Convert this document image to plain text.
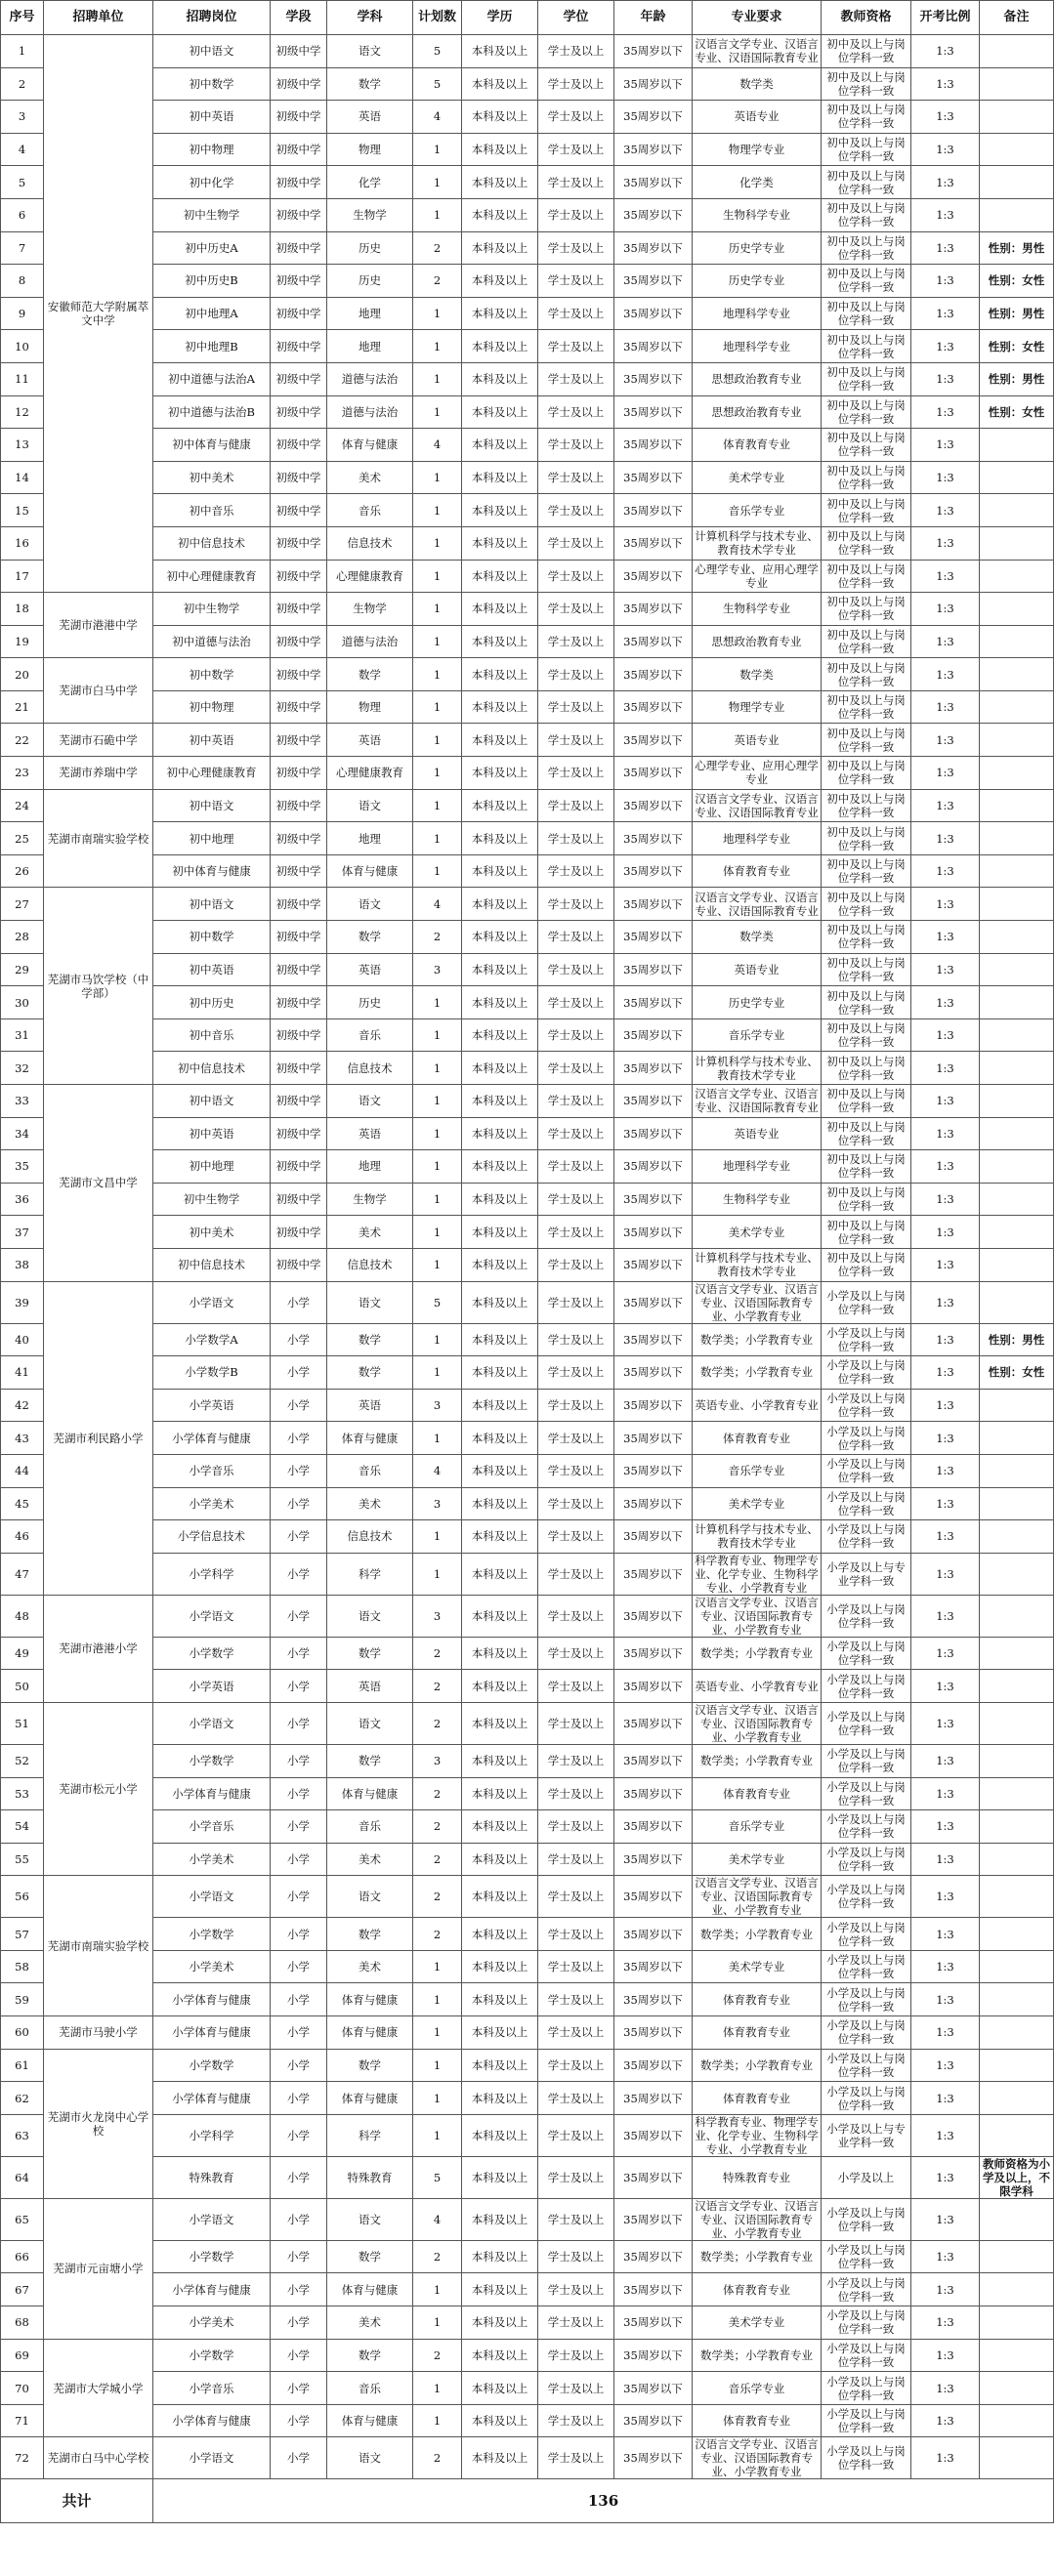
序号	招聘单位	招聘岗位	学段	学科	计划数	学历	学位	年龄	专业要求	教师资格	开考比例	备注
1	安徽师范大学附属萃文中学	初中语文	初级中学	语文	5	本科及以上	学士及以上	35周岁以下	汉语言文学专业、汉语言专业、汉语国际教育专业	初中及以上与岗位学科一致	1:3	
2		初中数学	初级中学	数学	5	本科及以上	学士及以上	35周岁以下	数学类	初中及以上与岗位学科一致	1:3	
3		初中英语	初级中学	英语	4	本科及以上	学士及以上	35周岁以下	英语专业	初中及以上与岗位学科一致	1:3	
4		初中物理	初级中学	物理	1	本科及以上	学士及以上	35周岁以下	物理学专业	初中及以上与岗位学科一致	1:3	
5		初中化学	初级中学	化学	1	本科及以上	学士及以上	35周岁以下	化学类	初中及以上与岗位学科一致	1:3	
6		初中生物学	初级中学	生物学	1	本科及以上	学士及以上	35周岁以下	生物科学专业	初中及以上与岗位学科一致	1:3	
7		初中历史A	初级中学	历史	2	本科及以上	学士及以上	35周岁以下	历史学专业	初中及以上与岗位学科一致	1:3	性别：男性
8		初中历史B	初级中学	历史	2	本科及以上	学士及以上	35周岁以下	历史学专业	初中及以上与岗位学科一致	1:3	性别：女性
9		初中地理A	初级中学	地理	1	本科及以上	学士及以上	35周岁以下	地理科学专业	初中及以上与岗位学科一致	1:3	性别：男性
10		初中地理B	初级中学	地理	1	本科及以上	学士及以上	35周岁以下	地理科学专业	初中及以上与岗位学科一致	1:3	性别：女性
11		初中道德与法治A	初级中学	道德与法治	1	本科及以上	学士及以上	35周岁以下	思想政治教育专业	初中及以上与岗位学科一致	1:3	性别：男性
12		初中道德与法治B	初级中学	道德与法治	1	本科及以上	学士及以上	35周岁以下	思想政治教育专业	初中及以上与岗位学科一致	1:3	性别：女性
13		初中体育与健康	初级中学	体育与健康	4	本科及以上	学士及以上	35周岁以下	体育教育专业	初中及以上与岗位学科一致	1:3	
14		初中美术	初级中学	美术	1	本科及以上	学士及以上	35周岁以下	美术学专业	初中及以上与岗位学科一致	1:3	
15		初中音乐	初级中学	音乐	1	本科及以上	学士及以上	35周岁以下	音乐学专业	初中及以上与岗位学科一致	1:3	
16		初中信息技术	初级中学	信息技术	1	本科及以上	学士及以上	35周岁以下	计算机科学与技术专业、教育技术学专业	初中及以上与岗位学科一致	1:3	
17		初中心理健康教育	初级中学	心理健康教育	1	本科及以上	学士及以上	35周岁以下	心理学专业、应用心理学专业	初中及以上与岗位学科一致	1:3	
18	芜湖市港港中学	初中生物学	初级中学	生物学	1	本科及以上	学士及以上	35周岁以下	生物科学专业	初中及以上与岗位学科一致	1:3	
19		初中道德与法治	初级中学	道德与法治	1	本科及以上	学士及以上	35周岁以下	思想政治教育专业	初中及以上与岗位学科一致	1:3	
20	芜湖市白马中学	初中数学	初级中学	数学	1	本科及以上	学士及以上	35周岁以下	数学类	初中及以上与岗位学科一致	1:3	
21		初中物理	初级中学	物理	1	本科及以上	学士及以上	35周岁以下	物理学专业	初中及以上与岗位学科一致	1:3	
22	芜湖市石硊中学	初中英语	初级中学	英语	1	本科及以上	学士及以上	35周岁以下	英语专业	初中及以上与岗位学科一致	1:3	
23	芜湖市养瑞中学	初中心理健康教育	初级中学	心理健康教育	1	本科及以上	学士及以上	35周岁以下	心理学专业、应用心理学专业	初中及以上与岗位学科一致	1:3	
24	芜湖市南瑞实验学校	初中语文	初级中学	语文	1	本科及以上	学士及以上	35周岁以下	汉语言文学专业、汉语言专业、汉语国际教育专业	初中及以上与岗位学科一致	1:3	
25		初中地理	初级中学	地理	1	本科及以上	学士及以上	35周岁以下	地理科学专业	初中及以上与岗位学科一致	1:3	
26		初中体育与健康	初级中学	体育与健康	1	本科及以上	学士及以上	35周岁以下	体育教育专业	初中及以上与岗位学科一致	1:3	
27	芜湖市马饮学校（中学部）	初中语文	初级中学	语文	4	本科及以上	学士及以上	35周岁以下	汉语言文学专业、汉语言专业、汉语国际教育专业	初中及以上与岗位学科一致	1:3	
28		初中数学	初级中学	数学	2	本科及以上	学士及以上	35周岁以下	数学类	初中及以上与岗位学科一致	1:3	
29		初中英语	初级中学	英语	3	本科及以上	学士及以上	35周岁以下	英语专业	初中及以上与岗位学科一致	1:3	
30		初中历史	初级中学	历史	1	本科及以上	学士及以上	35周岁以下	历史学专业	初中及以上与岗位学科一致	1:3	
31		初中音乐	初级中学	音乐	1	本科及以上	学士及以上	35周岁以下	音乐学专业	初中及以上与岗位学科一致	1:3	
32		初中信息技术	初级中学	信息技术	1	本科及以上	学士及以上	35周岁以下	计算机科学与技术专业、教育技术学专业	初中及以上与岗位学科一致	1:3	
33	芜湖市文昌中学	初中语文	初级中学	语文	1	本科及以上	学士及以上	35周岁以下	汉语言文学专业、汉语言专业、汉语国际教育专业	初中及以上与岗位学科一致	1:3	
34		初中英语	初级中学	英语	1	本科及以上	学士及以上	35周岁以下	英语专业	初中及以上与岗位学科一致	1:3	
35		初中地理	初级中学	地理	1	本科及以上	学士及以上	35周岁以下	地理科学专业	初中及以上与岗位学科一致	1:3	
36		初中生物学	初级中学	生物学	1	本科及以上	学士及以上	35周岁以下	生物科学专业	初中及以上与岗位学科一致	1:3	
37		初中美术	初级中学	美术	1	本科及以上	学士及以上	35周岁以下	美术学专业	初中及以上与岗位学科一致	1:3	
38		初中信息技术	初级中学	信息技术	1	本科及以上	学士及以上	35周岁以下	计算机科学与技术专业、教育技术学专业	初中及以上与岗位学科一致	1:3	
39	芜湖市利民路小学	小学语文	小学	语文	5	本科及以上	学士及以上	35周岁以下	汉语言文学专业、汉语言专业、汉语国际教育专业、小学教育专业	小学及以上与岗位学科一致	1:3	
40		小学数学A	小学	数学	1	本科及以上	学士及以上	35周岁以下	数学类；小学教育专业	小学及以上与岗位学科一致	1:3	性别：男性
41		小学数学B	小学	数学	1	本科及以上	学士及以上	35周岁以下	数学类；小学教育专业	小学及以上与岗位学科一致	1:3	性别：女性
42		小学英语	小学	英语	3	本科及以上	学士及以上	35周岁以下	英语专业、小学教育专业	小学及以上与岗位学科一致	1:3	
43		小学体育与健康	小学	体育与健康	1	本科及以上	学士及以上	35周岁以下	体育教育专业	小学及以上与岗位学科一致	1:3	
44		小学音乐	小学	音乐	4	本科及以上	学士及以上	35周岁以下	音乐学专业	小学及以上与岗位学科一致	1:3	
45		小学美术	小学	美术	3	本科及以上	学士及以上	35周岁以下	美术学专业	小学及以上与岗位学科一致	1:3	
46		小学信息技术	小学	信息技术	1	本科及以上	学士及以上	35周岁以下	计算机科学与技术专业、教育技术学专业	小学及以上与岗位学科一致	1:3	
47		小学科学	小学	科学	1	本科及以上	学士及以上	35周岁以下	科学教育专业、物理学专业、化学专业、生物科学专业、小学教育专业	小学及以上与专业学科一致	1:3	
48	芜湖市港港小学	小学语文	小学	语文	3	本科及以上	学士及以上	35周岁以下	汉语言文学专业、汉语言专业、汉语国际教育专业、小学教育专业	小学及以上与岗位学科一致	1:3	
49		小学数学	小学	数学	2	本科及以上	学士及以上	35周岁以下	数学类；小学教育专业	小学及以上与岗位学科一致	1:3	
50		小学英语	小学	英语	2	本科及以上	学士及以上	35周岁以下	英语专业、小学教育专业	小学及以上与岗位学科一致	1:3	
51	芜湖市松元小学	小学语文	小学	语文	2	本科及以上	学士及以上	35周岁以下	汉语言文学专业、汉语言专业、汉语国际教育专业、小学教育专业	小学及以上与岗位学科一致	1:3	
52		小学数学	小学	数学	3	本科及以上	学士及以上	35周岁以下	数学类；小学教育专业	小学及以上与岗位学科一致	1:3	
53		小学体育与健康	小学	体育与健康	2	本科及以上	学士及以上	35周岁以下	体育教育专业	小学及以上与岗位学科一致	1:3	
54		小学音乐	小学	音乐	2	本科及以上	学士及以上	35周岁以下	音乐学专业	小学及以上与岗位学科一致	1:3	
55		小学美术	小学	美术	2	本科及以上	学士及以上	35周岁以下	美术学专业	小学及以上与岗位学科一致	1:3	
56	芜湖市南瑞实验学校	小学语文	小学	语文	2	本科及以上	学士及以上	35周岁以下	汉语言文学专业、汉语言专业、汉语国际教育专业、小学教育专业	小学及以上与岗位学科一致	1:3	
57		小学数学	小学	数学	2	本科及以上	学士及以上	35周岁以下	数学类；小学教育专业	小学及以上与岗位学科一致	1:3	
58		小学美术	小学	美术	1	本科及以上	学士及以上	35周岁以下	美术学专业	小学及以上与岗位学科一致	1:3	
59		小学体育与健康	小学	体育与健康	1	本科及以上	学士及以上	35周岁以下	体育教育专业	小学及以上与岗位学科一致	1:3	
60	芜湖市马驶小学	小学体育与健康	小学	体育与健康	1	本科及以上	学士及以上	35周岁以下	体育教育专业	小学及以上与岗位学科一致	1:3	
61	芜湖市火龙岗中心学校	小学数学	小学	数学	1	本科及以上	学士及以上	35周岁以下	数学类；小学教育专业	小学及以上与岗位学科一致	1:3	
62		小学体育与健康	小学	体育与健康	1	本科及以上	学士及以上	35周岁以下	体育教育专业	小学及以上与岗位学科一致	1:3	
63		小学科学	小学	科学	1	本科及以上	学士及以上	35周岁以下	科学教育专业、物理学专业、化学专业、生物科学专业、小学教育专业	小学及以上与专业学科一致	1:3	
64		特殊教育	小学	特殊教育	5	本科及以上	学士及以上	35周岁以下	特殊教育专业	小学及以上	1:3	教师资格为小学及以上，不限学科
65	芜湖市元亩塘小学	小学语文	小学	语文	4	本科及以上	学士及以上	35周岁以下	汉语言文学专业、汉语言专业、汉语国际教育专业、小学教育专业	小学及以上与岗位学科一致	1:3	
66		小学数学	小学	数学	2	本科及以上	学士及以上	35周岁以下	数学类；小学教育专业	小学及以上与岗位学科一致	1:3	
67		小学体育与健康	小学	体育与健康	1	本科及以上	学士及以上	35周岁以下	体育教育专业	小学及以上与岗位学科一致	1:3	
68		小学美术	小学	美术	1	本科及以上	学士及以上	35周岁以下	美术学专业	小学及以上与岗位学科一致	1:3	
69	芜湖市大学城小学	小学数学	小学	数学	2	本科及以上	学士及以上	35周岁以下	数学类；小学教育专业	小学及以上与岗位学科一致	1:3	
70		小学音乐	小学	音乐	1	本科及以上	学士及以上	35周岁以下	音乐学专业	小学及以上与岗位学科一致	1:3	
71		小学体育与健康	小学	体育与健康	1	本科及以上	学士及以上	35周岁以下	体育教育专业	小学及以上与岗位学科一致	1:3	
72	芜湖市白马中心学校	小学语文	小学	语文	2	本科及以上	学士及以上	35周岁以下	汉语言文学专业、汉语言专业、汉语国际教育专业、小学教育专业	小学及以上与岗位学科一致	1:3	
共计		136										
